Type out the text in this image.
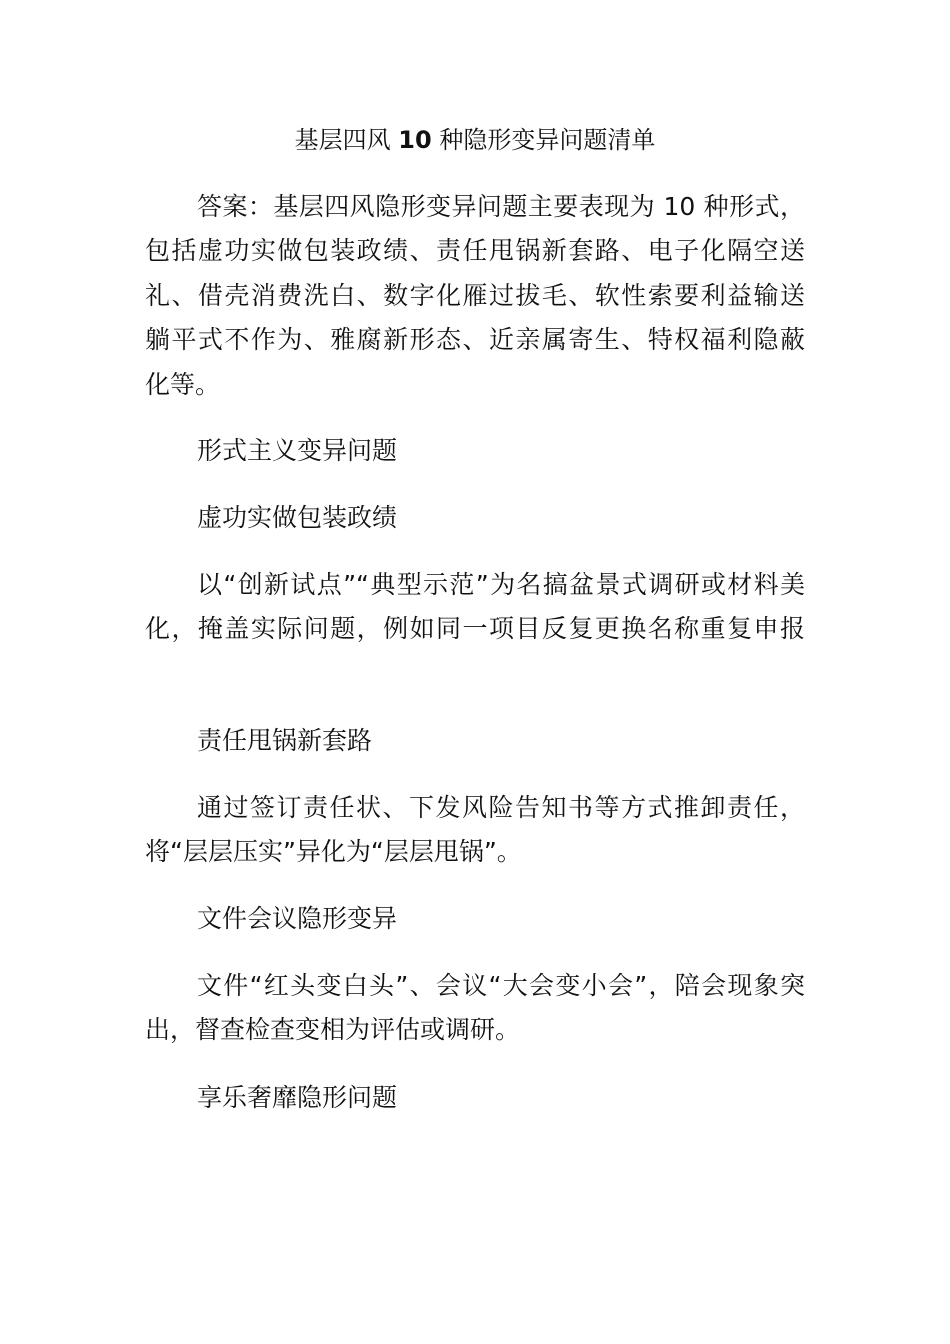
基层四风 10 种隐形变异问题清单
答案：基层四风隐形变异问题主要表现为 10 种形式，
包括虚功实做包装政绩、责任甩锅新套路、电子化隔空送
礼、借壳消费洗白、数字化雁过拔毛、软性索要利益输送
躺平式不作为、雅腐新形态、近亲属寄生、特权福利隐蔽
化等。
形式主义变异问题
虚功实做包装政绩
以“创新试点”“典型示范”为名搞盆景式调研或材料美
化，掩盖实际问题，例如同一项目反复更换名称重复申报
责任甩锅新套路
通过签订责任状、下发风险告知书等方式推卸责任，
将“层层压实”异化为“层层甩锅”。
文件会议隐形变异
文件“红头变白头”、会议“大会变小会”，陪会现象突
出，督查检查变相为评估或调研。
享乐奢靡隐形问题
